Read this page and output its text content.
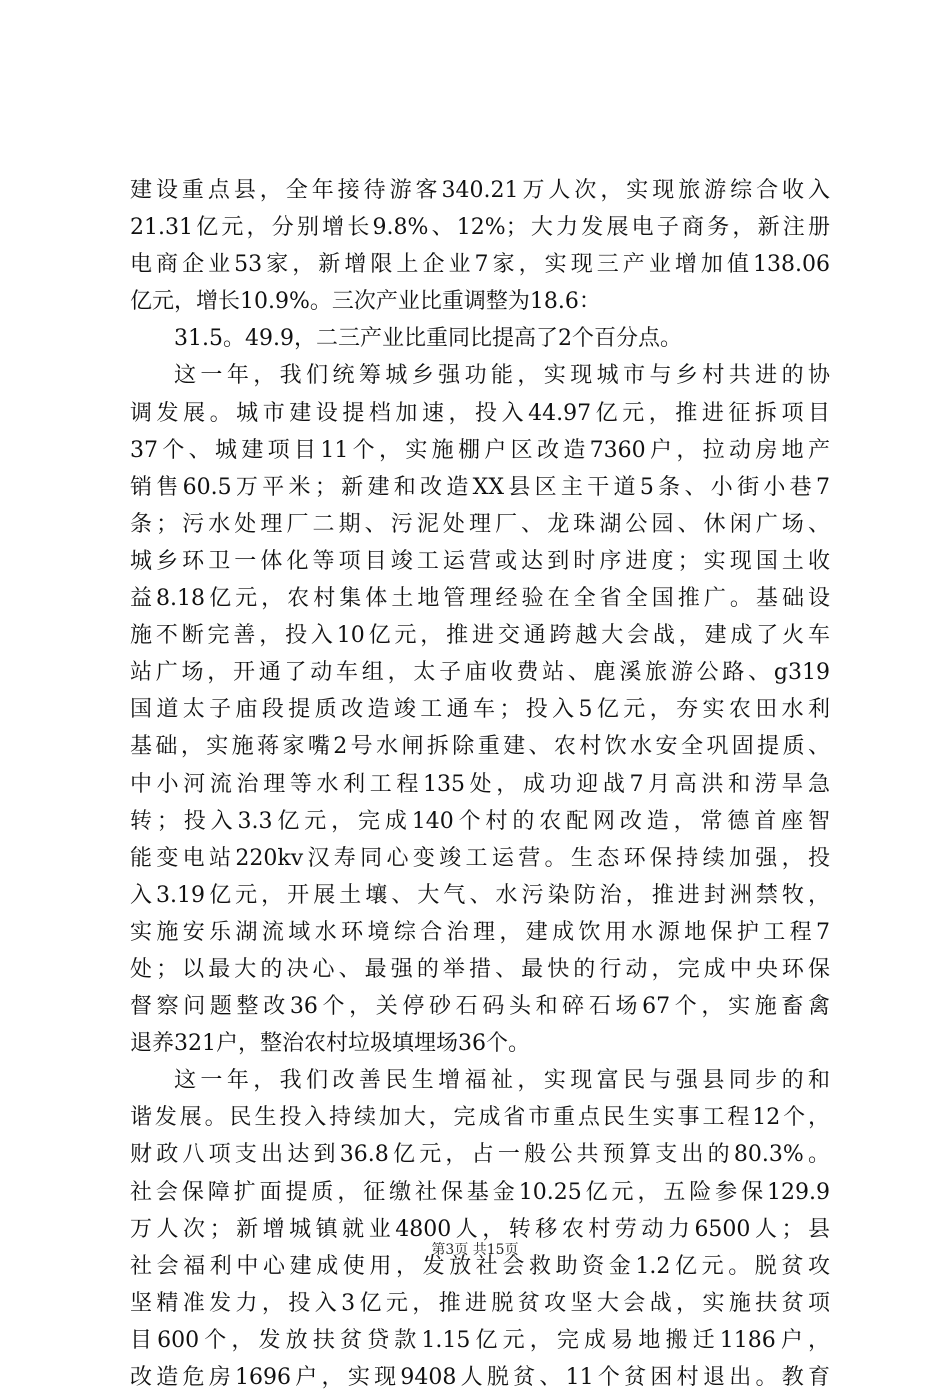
建设重点县，全年接待游客340.21万人次，实现旅游综合收入
21.31亿元，分别增长9.8%、12%；大力发展电子商务，新注册
电商企业53家，新增限上企业7家，实现三产业增加值138.06
亿元，增长10.9%。三次产业比重调整为18.6：
31.5。49.9，二三产业比重同比提高了2个百分点。
这一年，我们统筹城乡强功能，实现城市与乡村共进的协
调发展。城市建设提档加速，投入44.97亿元，推进征拆项目
37个、城建项目11个，实施棚户区改造7360户，拉动房地产
销售60.5万平米；新建和改造XX县区主干道5条、小街小巷7
条；污水处理厂二期、污泥处理厂、龙珠湖公园、休闲广场、
城乡环卫一体化等项目竣工运营或达到时序进度；实现国土收
益8.18亿元，农村集体土地管理经验在全省全国推广。基础设
施不断完善，投入10亿元，推进交通跨越大会战，建成了火车
站广场，开通了动车组，太子庙收费站、鹿溪旅游公路、g319
国道太子庙段提质改造竣工通车；投入5亿元，夯实农田水利
基础，实施蒋家嘴2号水闸拆除重建、农村饮水安全巩固提质、
中小河流治理等水利工程135处，成功迎战7月高洪和涝旱急
转；投入3.3亿元，完成140个村的农配网改造，常德首座智
能变电站220kv汉寿同心变竣工运营。生态环保持续加强，投
入3.19亿元，开展土壤、大气、水污染防治，推进封洲禁牧，
实施安乐湖流域水环境综合治理，建成饮用水源地保护工程7
处；以最大的决心、最强的举措、最快的行动，完成中央环保
督察问题整改36个，关停砂石码头和碎石场67个，实施畜禽
退养321户，整治农村垃圾填埋场36个。
这一年，我们改善民生增福祉，实现富民与强县同步的和
谐发展。民生投入持续加大，完成省市重点民生实事工程12个，
财政八项支出达到36.8亿元，占一般公共预算支出的80.3%。
社会保障扩面提质，征缴社保基金10.25亿元，五险参保129.9
万人次；新增城镇就业4800人，转移农村劳动力6500人；县
社会福利中心建成使用，发放社会救助资金1.2亿元。脱贫攻
坚精准发力，投入3亿元，推进脱贫攻坚大会战，实施扶贫项
目600个，发放扶贫贷款1.15亿元，完成易地搬迁1186户，
改造危房1696户，实现9408人脱贫、11个贫困村退出。教育
第3页 共15页
